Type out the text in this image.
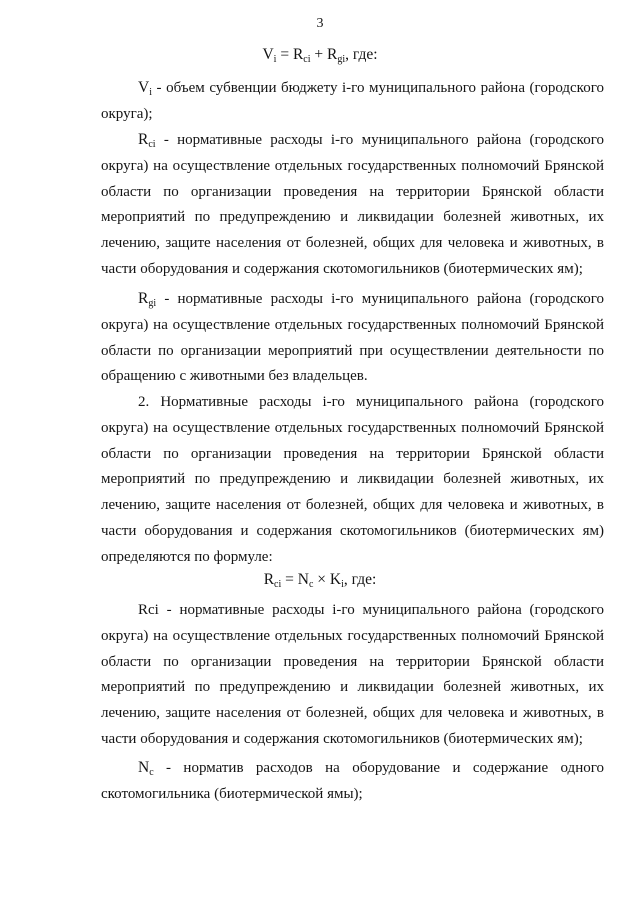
3
$V_i = R_{ci} + R_{gi}$, где:
$V_i$ - объем субвенции бюджету i-го муниципального района (городского округа);
$R_{ci}$ - нормативные расходы i-го муниципального района (городского округа) на осуществление отдельных государственных полномочий Брянской области по организации проведения на территории Брянской области мероприятий по предупреждению и ликвидации болезней животных, их лечению, защите населения от болезней, общих для человека и животных, в части оборудования и содержания скотомогильников (биотермических ям);
$R_{gi}$ - нормативные расходы i-го муниципального района (городского округа) на осуществление отдельных государственных полномочий Брянской области по организации мероприятий при осуществлении деятельности по обращению с животными без владельцев.
2. Нормативные расходы i-го муниципального района (городского округа) на осуществление отдельных государственных полномочий Брянской области по организации проведения на территории Брянской области мероприятий по предупреждению и ликвидации болезней животных, их лечению, защите населения от болезней, общих для человека и животных, в части оборудования и содержания скотомогильников (биотермических ям) определяются по формуле:
$R_{ci} = N_c \times K_i$, где:
Rci - нормативные расходы i-го муниципального района (городского округа) на осуществление отдельных государственных полномочий Брянской области по организации проведения на территории Брянской области мероприятий по предупреждению и ликвидации болезней животных, их лечению, защите населения от болезней, общих для человека и животных, в части оборудования и содержания скотомогильников (биотермических ям);
$N_c$ - норматив расходов на оборудование и содержание одного скотомогильника (биотермической ямы);
